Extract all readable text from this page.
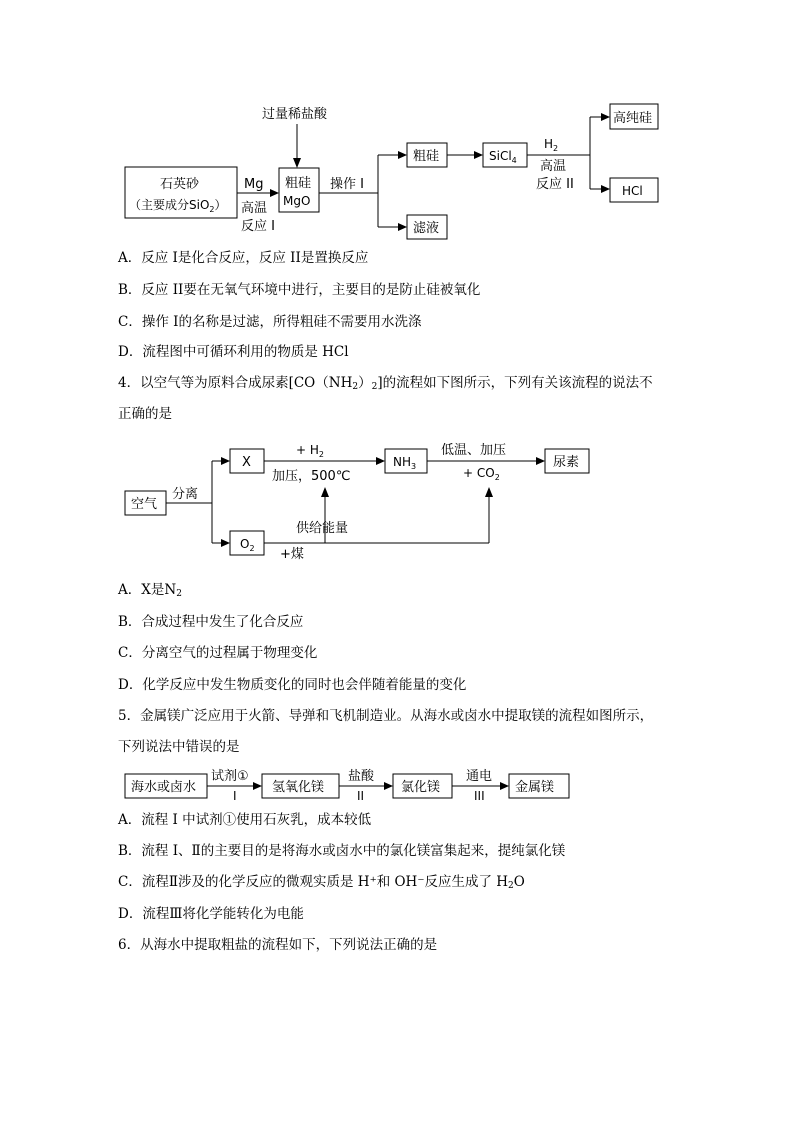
过量稀盐酸
石英砂
（主要成分SiO$_2$）
Mg
高温
反应 I
粗硅
MgO
操作 I
粗硅
滤液
SiCl$_4$
$H_2$
高温
反应 II
高纯硅
HCl
A．反应 I是化合反应，反应 II是置换反应
B．反应 II要在无氧气环境中进行，主要目的是防止硅被氧化
C．操作 I的名称是过滤，所得粗硅不需要用水洗涤
D．流程图中可循环利用的物质是 HCl
4．以空气等为原料合成尿素$[CO(NH_2)_2]$的流程如下图所示，下列有关该流程的说法不
正确的是
空气
分离
X
+ $H_2$
加压，500℃
$NH_3$
低温、加压
+ $CO_2$
尿素
$O_2$ +煤
供给能量
A．X是$N_2$
B．合成过程中发生了化合反应
C．分离空气的过程属于物理变化
D．化学反应中发生物质变化的同时也会伴随着能量的变化
5．金属镁广泛应用于火箭、导弹和飞机制造业。从海水或卤水中提取镁的流程如图所示，
下列说法中错误的是
海水或卤水
试剂①
I
氢氧化镁
盐酸
II
氯化镁
通电
III
金属镁
A．流程 I 中试剂①使用石灰乳，成本较低
B．流程 I、Ⅱ的主要目的是将海水或卤水中的氯化镁富集起来，提纯氯化镁
C．流程Ⅱ涉及的化学反应的微观实质是 H⁺和 OH⁻反应生成了 $H_2O$
D．流程Ⅲ将化学能转化为电能
6．从海水中提取粗盐的流程如下，下列说法正确的是
